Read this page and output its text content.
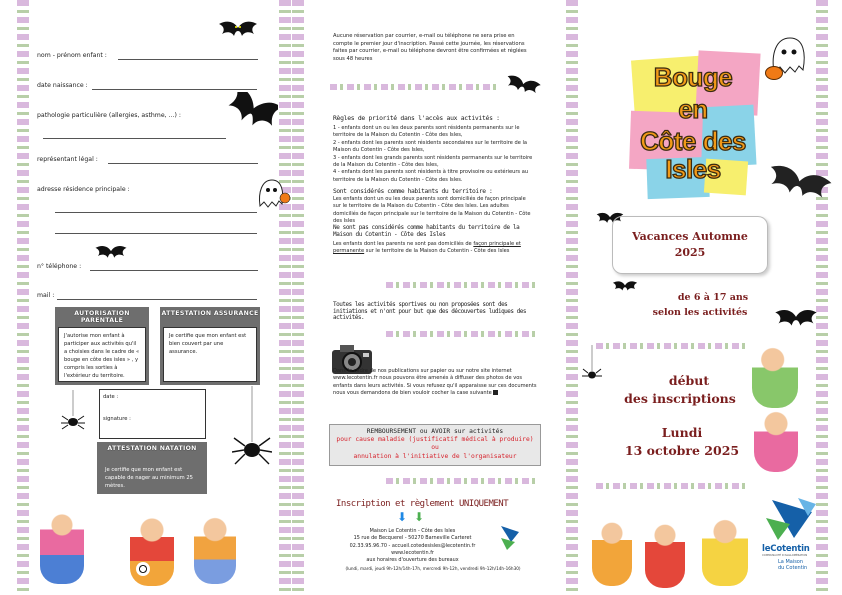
nom - prénom enfant :
date naissance :
pathologie particulière (allergies, asthme, ...) :
représentant légal :
adresse résidence principale :
n° téléphone :
mail :
AUTORISATION PARENTALE
J'autorise mon enfant à participer aux activités qu'il a choisies dans le cadre de « bouge en côte des isles » , y compris les sorties à l'extérieur du territoire.
ATTESTATION ASSURANCE
Je certifie que mon enfant est bien couvert par une assurance.
date :
signature :
ATTESTATION NATATION
Je certifie que mon enfant est capable de nager au minimum 25 mètres.
Aucune réservation par courrier, e-mail ou téléphone ne sera prise en compte le premier jour d'inscription. Passé cette journée, les réservations faites par courrier, e-mail ou téléphone devront être confirmées et réglées sous 48 heures
Règles de priorité dans l'accès aux activités :
1 - enfants dont un ou les deux parents sont résidents permanents sur le territoire de la Maison du Cotentin - Côte des Isles,
2 - enfants dont les parents sont résidents secondaires sur le territoire de la Maison du Cotentin - Côte des Isles,
3 - enfants dont les grands parents sont résidents permanents sur le territoire de la Maison du Cotentin - Côte des Isles,
4 - enfants dont les parents sont résidents à titre provisoire ou extérieurs au territoire de la Maison du Cotentin - Côte des Isles.
Sont considérés comme habitants du territoire :
Les enfants dont un ou les deux parents sont domiciliés de façon principale sur le territoire de la Maison du Cotentin - Côte des Isles. Les adultes domiciliés de façon principale sur le territoire de la Maison du Cotentin - Côte des Isles
Ne sont pas considérés comme habitants du territoire de la Maison du Cotentin - Côte des Isles
Les enfants dont les parents ne sont pas domiciliés de façon principale et permanente sur le territoire de la Maison du Cotentin - Côte des Isles
Toutes les activités sportives ou non proposées sont des initiations et n'ont pour but que des découvertes ludiques des activités.
Dans le cadre de nos publications sur papier ou sur notre site internet www.lecotentin.fr nous pouvons être amenés à diffuser des photos de vos enfants dans leurs activités. Si vous refusez qu'il apparaisse sur ces documents nous vous demandons de bien vouloir cocher la case suivante
REMBOURSEMENT ou AVOIR sur activités
pour cause maladie (justificatif médical à produire)
ou
annulation à l'initiative de l'organisateur
Inscription et règlement UNIQUEMENT
⬇ ⬇
Maison Le Cotentin - Côte des Isles
15 rue de Becquerel - 50270 Barneville Carteret
02.33.95.96.70 - accueil.cotedesisles@lecotentin.fr
www.lecotentin.fr
aux horaires d'ouverture des bureaux
(lundi, mardi, jeudi 9h-12h/14h-17h, mercredi 9h-12h, vendredi 9h-12h/14h-16h30)
Bouge
en
Côte des
Isles
Vacances Automne
2025
de 6 à 17 ans
selon les activités
début
des inscriptions
Lundi
13 octobre 2025
leCotentin
COMMUNAUTÉ D'AGGLOMÉRATION
La Maison
du Cotentin
